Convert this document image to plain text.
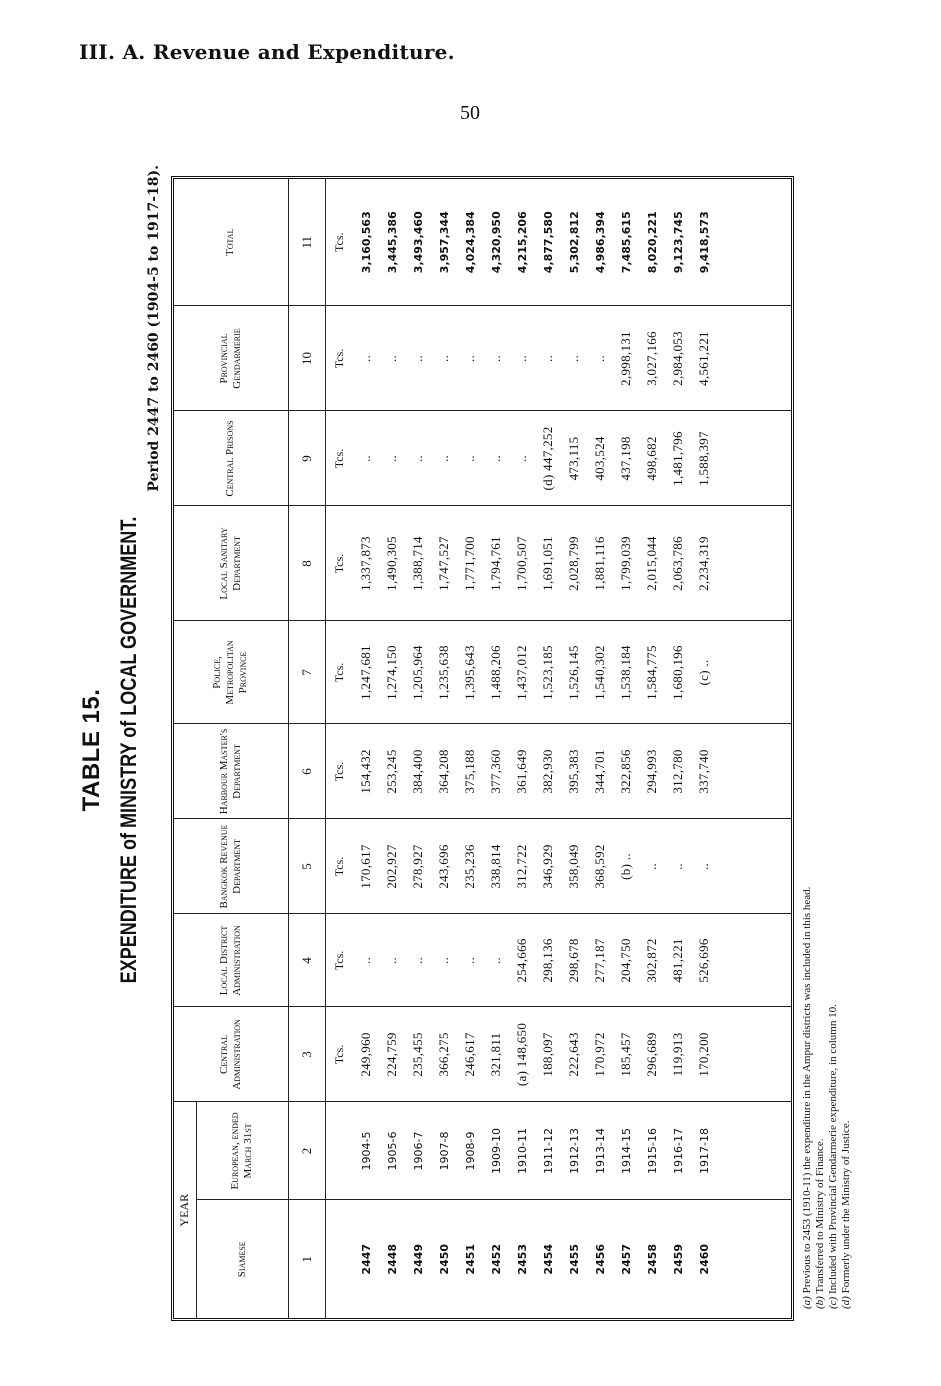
III. A. Revenue and Expenditure.
50
TABLE 15. EXPENDITURE of MINISTRY of LOCAL GOVERNMENT.
Period 2447 to 2460 (1904-5 to 1917-18).
YEAR		Central Administration	Local District Administration	Bangkok Revenue Department	Harbour Master's Department	Police, Metropolitan Province	Local Sanitary Department	Central Prisons	Provincial Gendarmerie	Total
Siamese	European, ended March 31st									
1	2	3	4	5	6	7	8	9	10	11
		Tcs.	Tcs.	Tcs.	Tcs.	Tcs.	Tcs.	Tcs.	Tcs.	Tcs.
2447	1904-5	249,960	..	170,617	154,432	1,247,681	1,337,873	..	..	3,160,563
2448	1905-6	224,759	..	202,927	253,245	1,274,150	1,490,305	..	..	3,445,386
2449	1906-7	235,455	..	278,927	384,400	1,205,964	1,388,714	..	..	3,493,460
2450	1907-8	366,275	..	243,696	364,208	1,235,638	1,747,527	..	..	3,957,344
2451	1908-9	246,617	..	235,236	375,188	1,395,643	1,771,700	..	..	4,024,384
2452	1909-10	321,811	..	338,814	377,360	1,488,206	1,794,761	..	..	4,320,950
2453	1910-11	(a) 148,650	254,666	312,722	361,649	1,437,012	1,700,507	..	..	4,215,206
2454	1911-12	188,097	298,136	346,929	382,930	1,523,185	1,691,051	(d) 447,252	..	4,877,580
2455	1912-13	222,643	298,678	358,049	395,383	1,526,145	2,028,799	473,115	..	5,302,812
2456	1913-14	170,972	277,187	368,592	344,701	1,540,302	1,881,116	403,524	..	4,986,394
2457	1914-15	185,457	204,750	(b) ..	322,856	1,538,184	1,799,039	437,198	2,998,131	7,485,615
2458	1915-16	296,689	302,872	..	294,993	1,584,775	2,015,044	498,682	3,027,166	8,020,221
2459	1916-17	119,913	481,221	..	312,780	1,680,196	2,063,786	1,481,796	2,984,053	9,123,745
2460	1917-18	170,200	526,696	..	337,740	(c) ..	2,234,319	1,588,397	4,561,221	9,418,573

(a) Previous to 2453 (1910-11) the expenditure in the Ampur districts was included in this head.
(b) Transferred to Ministry of Finance.
(c) Included with Provincial Gendarmerie expenditure, in column 10.
(d) Formerly under the Ministry of Justice.
